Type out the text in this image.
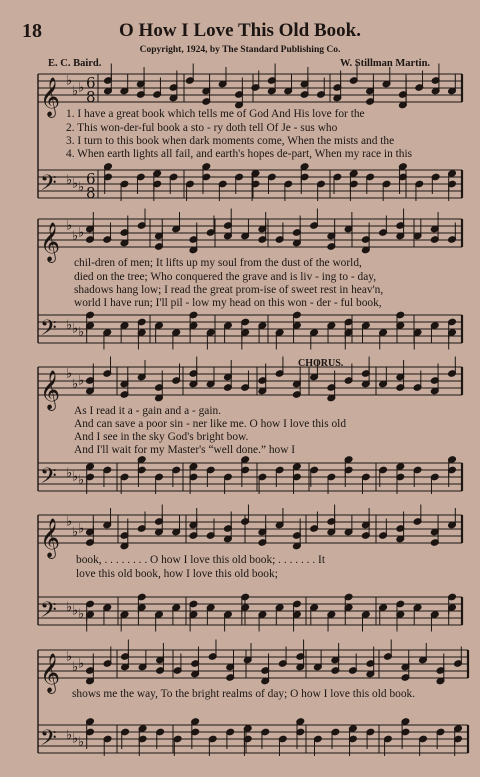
18	O How I Love This Old Book.
Copyright, 1924, by The Standard Publishing Co.
E. C. Baird.	W. Stillman Martin.
𝄞
𝄢
♭
♭
♭
♭
♭
♭
6
8
6
8
𝄞
𝄢
♭
♭
♭
♭
♭
♭
𝄞
𝄢
♭
♭
♭
♭
♭
♭
𝄞
𝄢
♭
♭
♭
♭
♭
♭
𝄞
𝄢
♭
♭
♭
♭
♭
♭
1. I have a great book which tells me of God And His love for the
2. This won-der-ful book a sto - ry doth tell Of Je - sus who
3. I turn to this book when dark moments come, When the mists and the
4. When earth lights all fail, and earth's hopes de-part, When my race in this
chil-dren of men; It lifts up my soul from the dust of the world,
died on the tree; Who conquered the grave and is liv - ing to - day,
shadows hang low; I read the great prom-ise of sweet rest in heav'n,
world I have run; I'll pil - low my head on this won - der - ful book,
CHORUS.
As I read it a - gain and a - gain.
And can save a poor sin - ner like me. O how I love this old
And I see in the sky God's bright bow.
And I'll wait for my Master's “well done.” how I
book, . . . . . . . . O how I love this old book; . . . . . . . It
love this old book, how I love this old book;
shows me the way, To the bright realms of day; O how I love this old book.
